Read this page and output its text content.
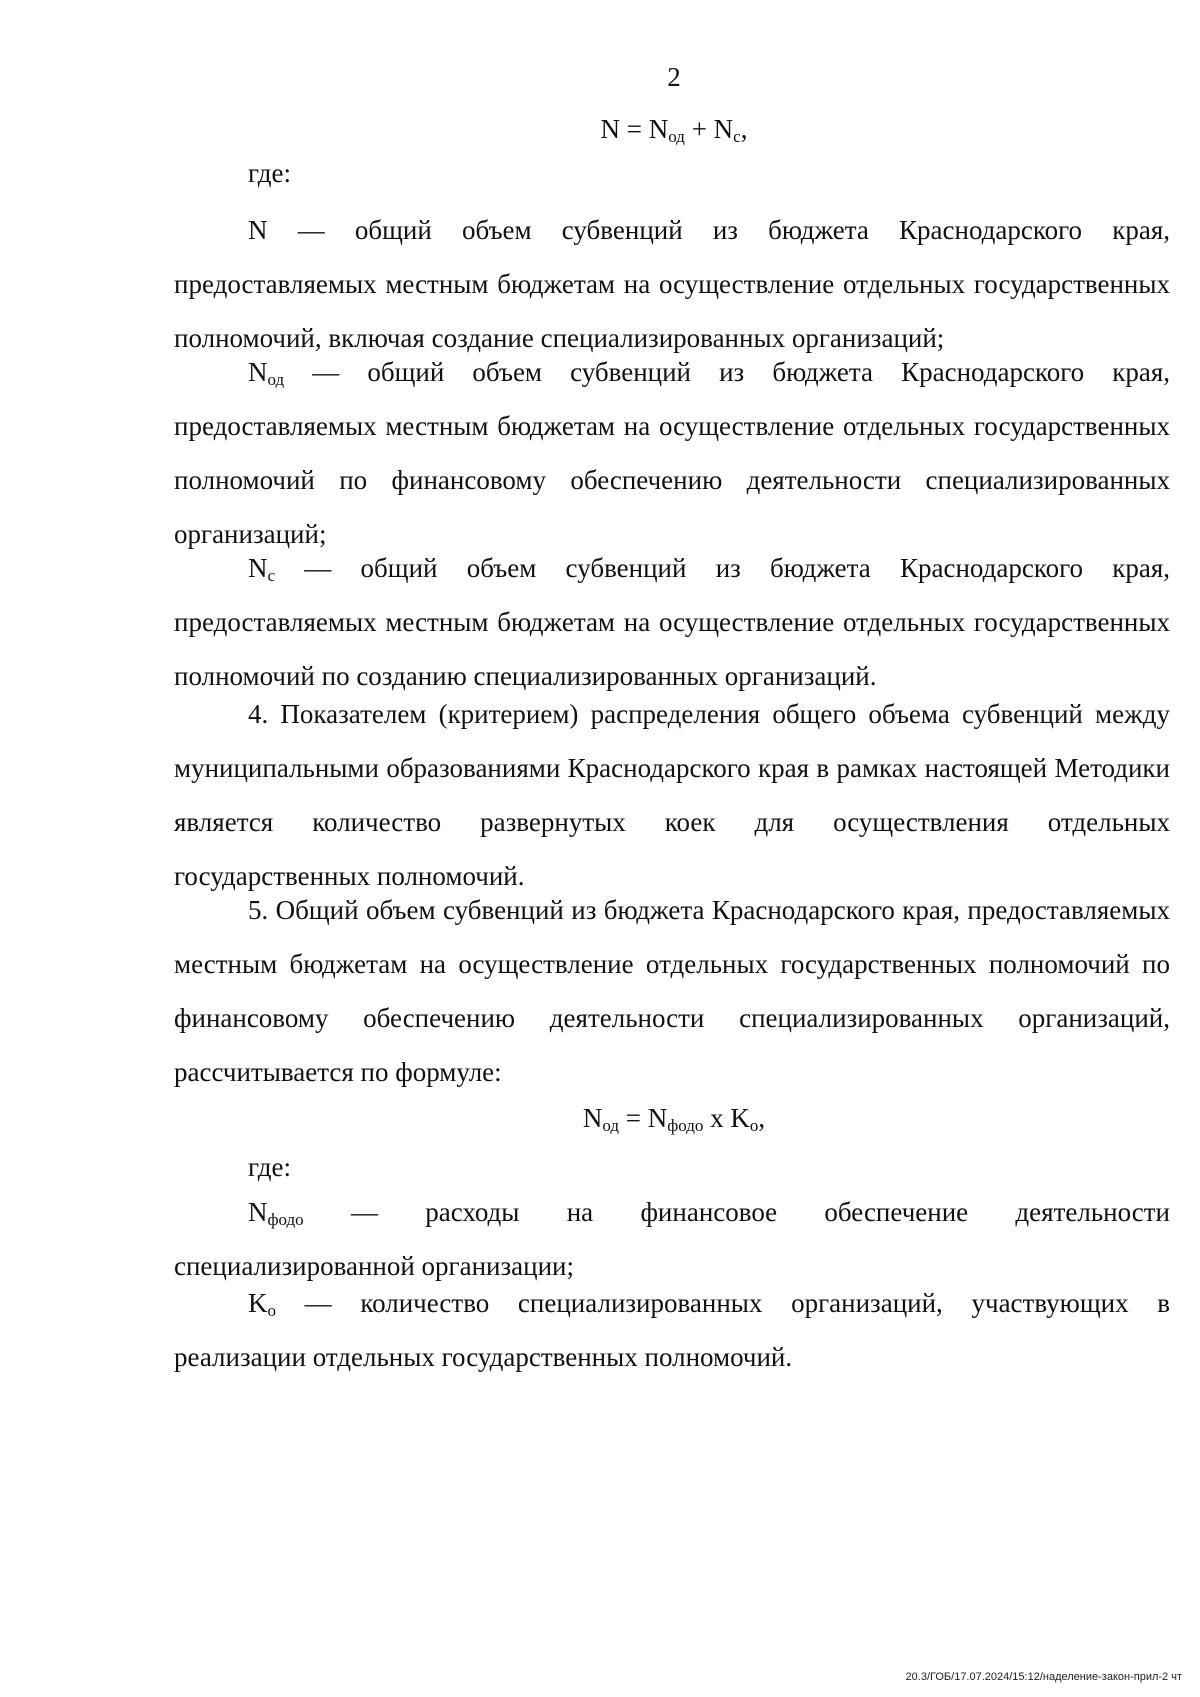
2
$N = N_{од} + N_с$,
где:
N — общий объем субвенций из бюджета Краснодарского края, предоставляемых местным бюджетам на осуществление отдельных государственных полномочий, включая создание специализированных организаций;
$N_{од}$ — общий объем субвенций из бюджета Краснодарского края, предоставляемых местным бюджетам на осуществление отдельных государственных полномочий по финансовому обеспечению деятельности специализированных организаций;
$N_с$ — общий объем субвенций из бюджета Краснодарского края, предоставляемых местным бюджетам на осуществление отдельных государственных полномочий по созданию специализированных организаций.
4. Показателем (критерием) распределения общего объема субвенций между муниципальными образованиями Краснодарского края в рамках настоящей Методики является количество развернутых коек для осуществления отдельных государственных полномочий.
5. Общий объем субвенций из бюджета Краснодарского края, предоставляемых местным бюджетам на осуществление отдельных государственных полномочий по финансовому обеспечению деятельности специализированных организаций, рассчитывается по формуле:
$N_{од} = N_{фодо}$ x $K_о$,
где:
$N_{фодо}$ — расходы на финансовое обеспечение деятельности специализированной организации;
$K_о$ — количество специализированных организаций, участвующих в реализации отдельных государственных полномочий.
20.3/ГОБ/17.07.2024/15:12/наделение-закон-прил-2 чт
